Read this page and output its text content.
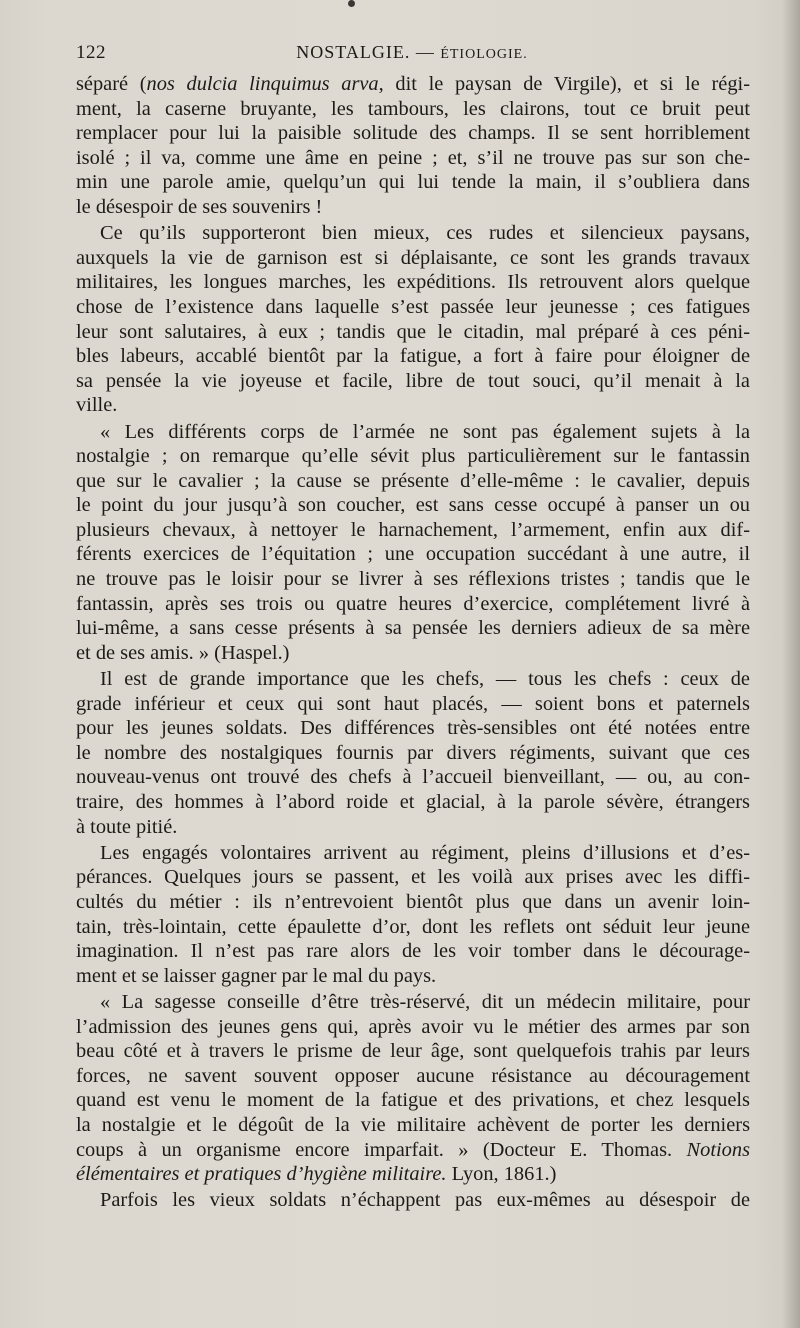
122	NOSTALGIE. — ÉTIOLOGIE.
séparé (nos dulcia linquimus arva, dit le paysan de Virgile), et si le régi-
ment, la caserne bruyante, les tambours, les clairons, tout ce bruit peut
remplacer pour lui la paisible solitude des champs. Il se sent horriblement
isolé ; il va, comme une âme en peine ; et, s’il ne trouve pas sur son che-
min une parole amie, quelqu’un qui lui tende la main, il s’oubliera dans
le désespoir de ses souvenirs !
Ce qu’ils supporteront bien mieux, ces rudes et silencieux paysans,
auxquels la vie de garnison est si déplaisante, ce sont les grands travaux
militaires, les longues marches, les expéditions. Ils retrouvent alors quelque
chose de l’existence dans laquelle s’est passée leur jeunesse ; ces fatigues
leur sont salutaires, à eux ; tandis que le citadin, mal préparé à ces péni-
bles labeurs, accablé bientôt par la fatigue, a fort à faire pour éloigner de
sa pensée la vie joyeuse et facile, libre de tout souci, qu’il menait à la
ville.
« Les différents corps de l’armée ne sont pas également sujets à la
nostalgie ; on remarque qu’elle sévit plus particulièrement sur le fantassin
que sur le cavalier ; la cause se présente d’elle-même : le cavalier, depuis
le point du jour jusqu’à son coucher, est sans cesse occupé à panser un ou
plusieurs chevaux, à nettoyer le harnachement, l’armement, enfin aux dif-
férents exercices de l’équitation ; une occupation succédant à une autre, il
ne trouve pas le loisir pour se livrer à ses réflexions tristes ; tandis que le
fantassin, après ses trois ou quatre heures d’exercice, complétement livré à
lui-même, a sans cesse présents à sa pensée les derniers adieux de sa mère
et de ses amis. » (Haspel.)
Il est de grande importance que les chefs, — tous les chefs : ceux de
grade inférieur et ceux qui sont haut placés, — soient bons et paternels
pour les jeunes soldats. Des différences très-sensibles ont été notées entre
le nombre des nostalgiques fournis par divers régiments, suivant que ces
nouveau-venus ont trouvé des chefs à l’accueil bienveillant, — ou, au con-
traire, des hommes à l’abord roide et glacial, à la parole sévère, étrangers
à toute pitié.
Les engagés volontaires arrivent au régiment, pleins d’illusions et d’es-
pérances. Quelques jours se passent, et les voilà aux prises avec les diffi-
cultés du métier : ils n’entrevoient bientôt plus que dans un avenir loin-
tain, très-lointain, cette épaulette d’or, dont les reflets ont séduit leur jeune
imagination. Il n’est pas rare alors de les voir tomber dans le décourage-
ment et se laisser gagner par le mal du pays.
« La sagesse conseille d’être très-réservé, dit un médecin militaire, pour
l’admission des jeunes gens qui, après avoir vu le métier des armes par son
beau côté et à travers le prisme de leur âge, sont quelquefois trahis par leurs
forces, ne savent souvent opposer aucune résistance au découragement
quand est venu le moment de la fatigue et des privations, et chez lesquels
la nostalgie et le dégoût de la vie militaire achèvent de porter les derniers
coups à un organisme encore imparfait. » (Docteur E. Thomas. Notions
élémentaires et pratiques d’hygiène militaire. Lyon, 1861.)
Parfois les vieux soldats n’échappent pas eux-mêmes au désespoir de
